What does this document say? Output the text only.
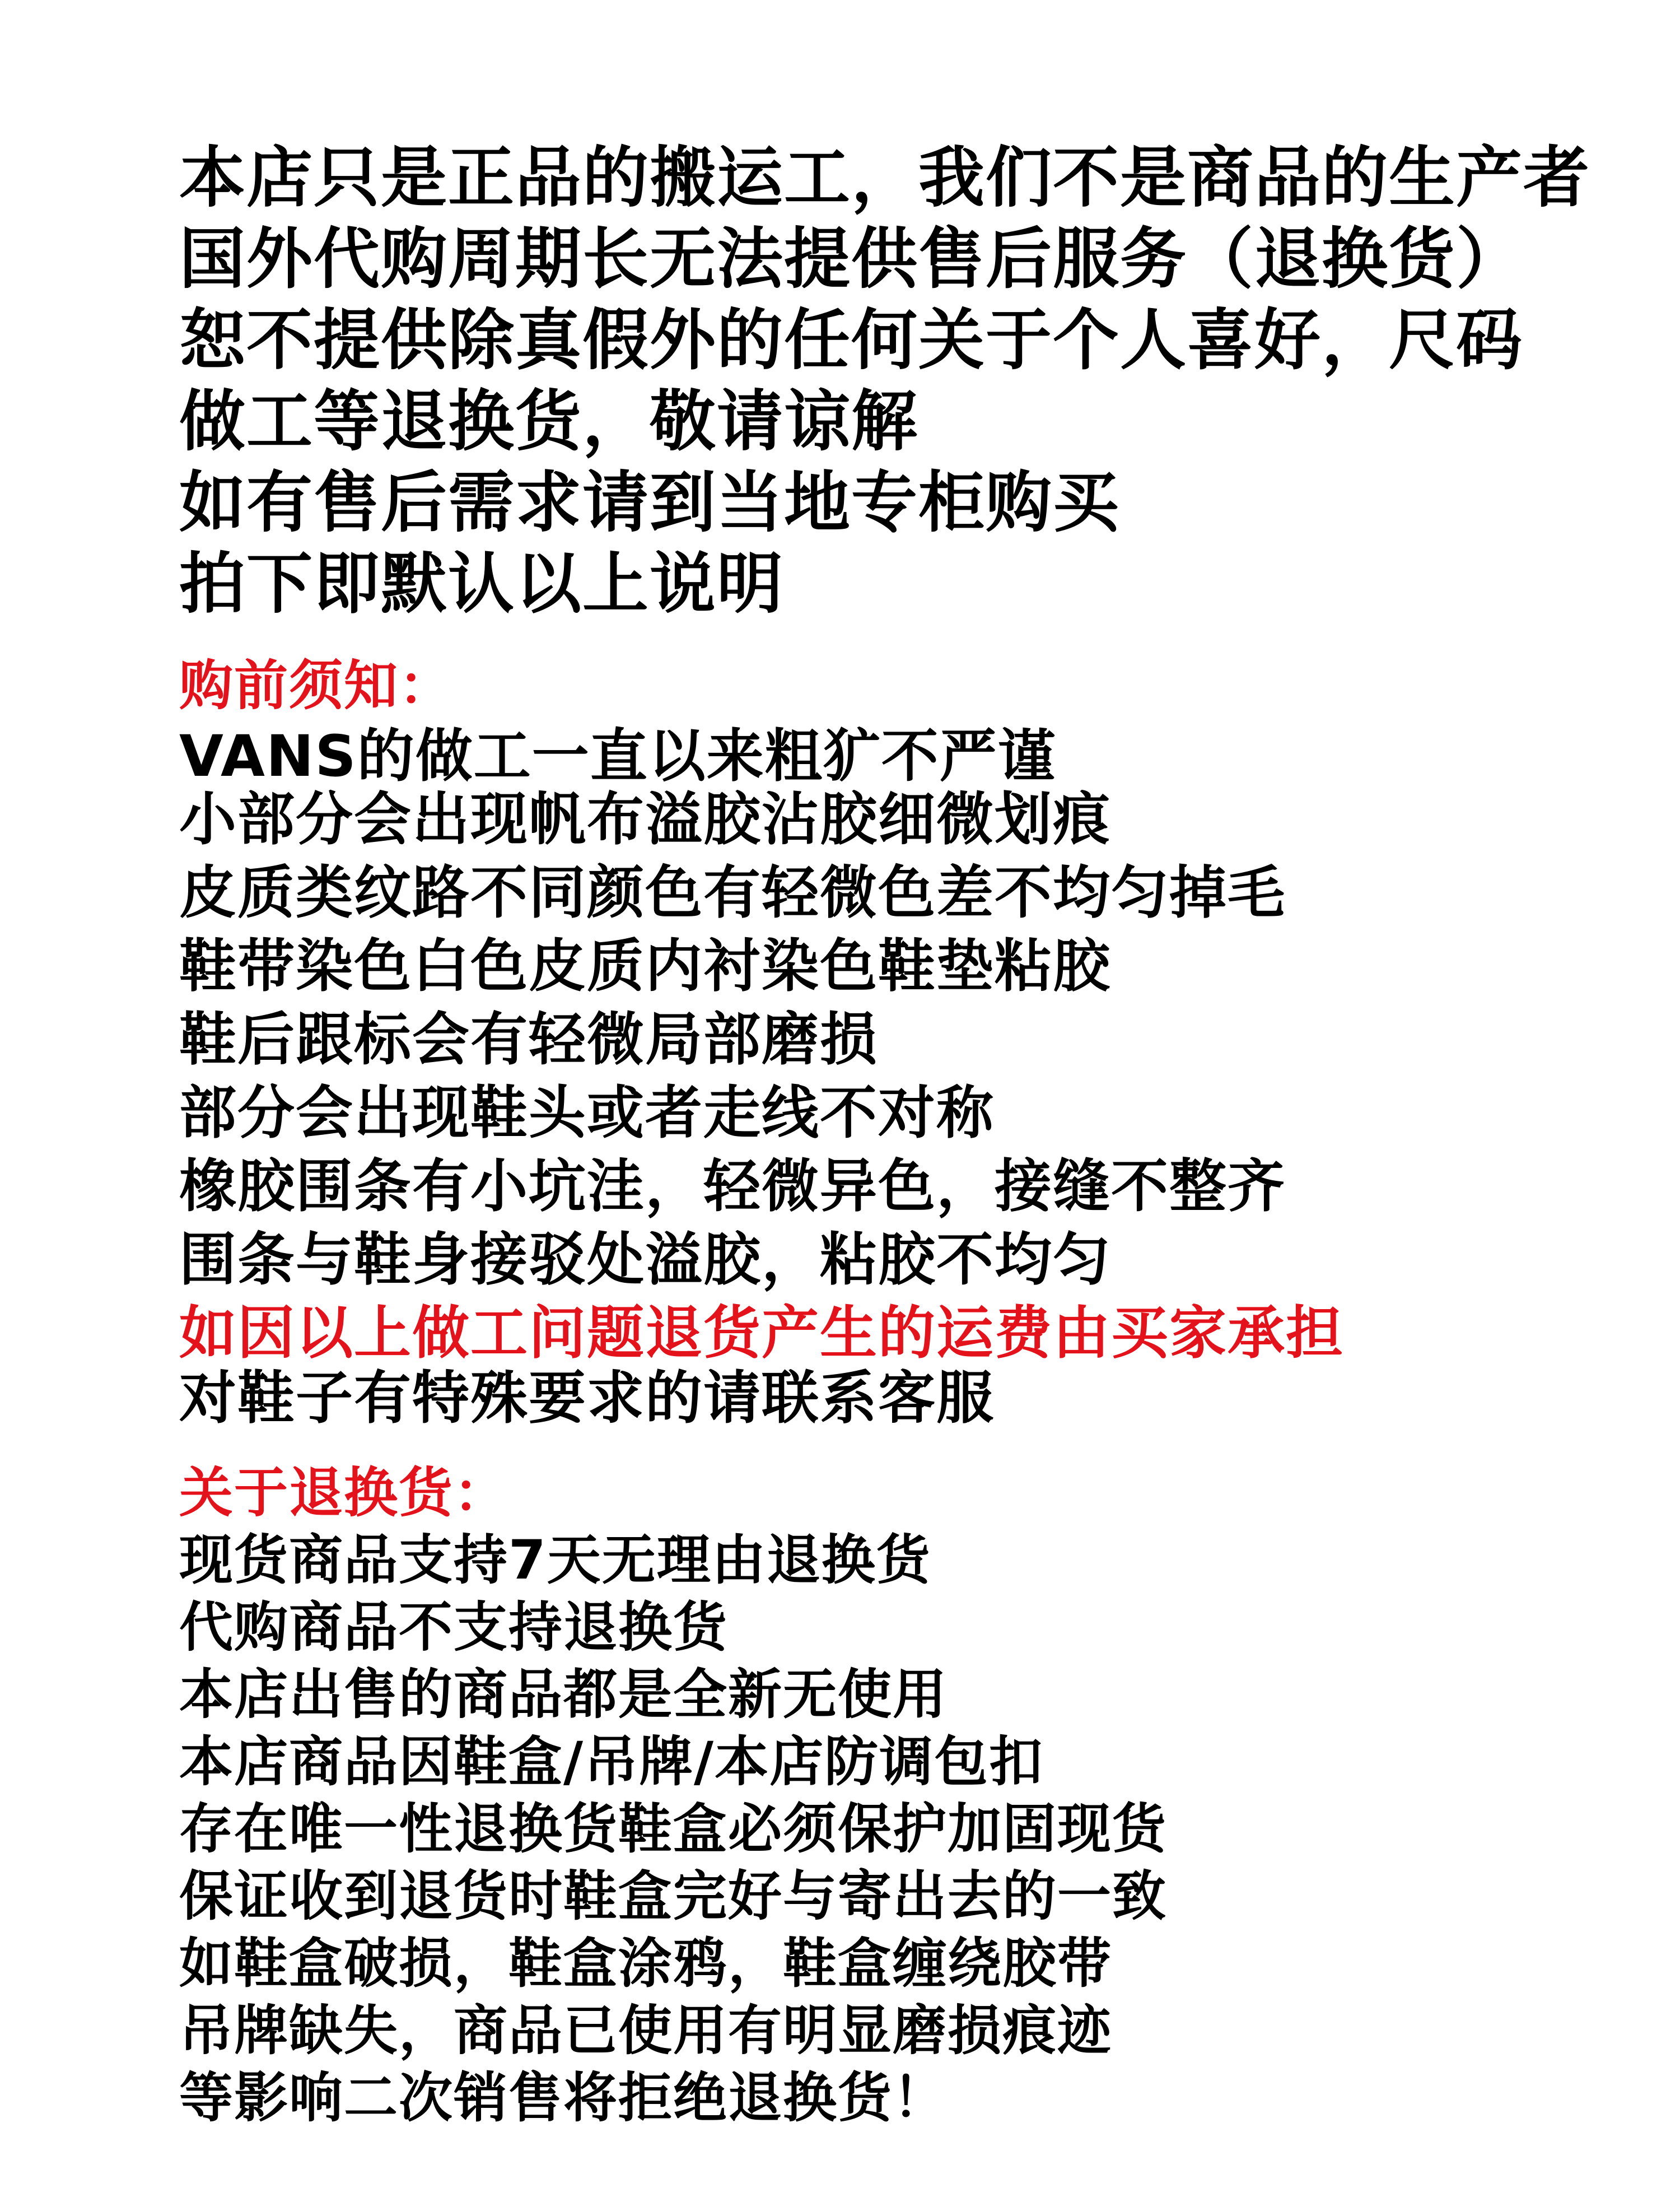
本店只是正品的搬运工，我们不是商品的生产者
国外代购周期长无法提供售后服务（退换货）
恕不提供除真假外的任何关于个人喜好，尺码
做工等退换货，敬请谅解
如有售后需求请到当地专柜购买
拍下即默认以上说明
购前须知：
VANS的做工一直以来粗犷不严谨
小部分会出现帆布溢胶沾胶细微划痕
皮质类纹路不同颜色有轻微色差不均匀掉毛
鞋带染色白色皮质内衬染色鞋垫粘胶
鞋后跟标会有轻微局部磨损
部分会出现鞋头或者走线不对称
橡胶围条有小坑洼，轻微异色，接缝不整齐
围条与鞋身接驳处溢胶，粘胶不均匀
如因以上做工问题退货产生的运费由买家承担
对鞋子有特殊要求的请联系客服
关于退换货：
现货商品支持7天无理由退换货
代购商品不支持退换货
本店出售的商品都是全新无使用
本店商品因鞋盒/吊牌/本店防调包扣
存在唯一性退换货鞋盒必须保护加固现货
保证收到退货时鞋盒完好与寄出去的一致
如鞋盒破损，鞋盒涂鸦，鞋盒缠绕胶带
吊牌缺失，商品已使用有明显磨损痕迹
等影响二次销售将拒绝退换货！
